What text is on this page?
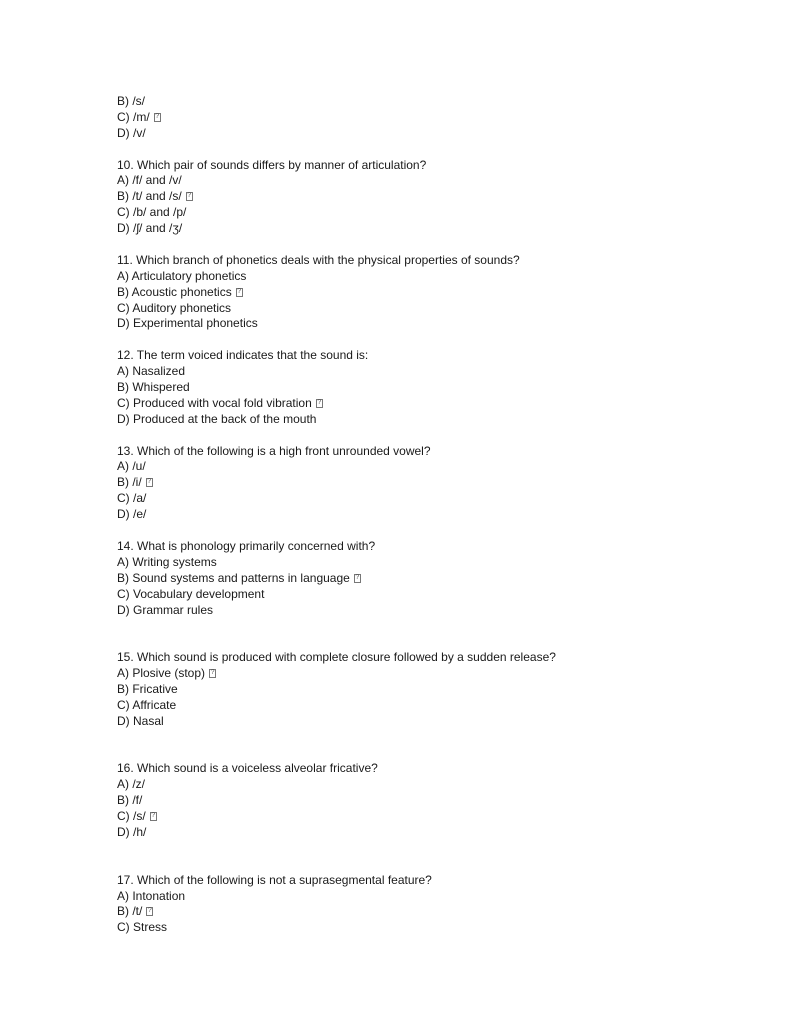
B) /s/
C) /m/ ?
D) /v/
10. Which pair of sounds differs by manner of articulation?
A) /f/ and /v/
B) /t/ and /s/ ?
C) /b/ and /p/
D) /ʃ/ and /ʒ/
11. Which branch of phonetics deals with the physical properties of sounds?
A) Articulatory phonetics
B) Acoustic phonetics ?
C) Auditory phonetics
D) Experimental phonetics
12. The term voiced indicates that the sound is:
A) Nasalized
B) Whispered
C) Produced with vocal fold vibration ?
D) Produced at the back of the mouth
13. Which of the following is a high front unrounded vowel?
A) /u/
B) /i/ ?
C) /a/
D) /e/
14. What is phonology primarily concerned with?
A) Writing systems
B) Sound systems and patterns in language ?
C) Vocabulary development
D) Grammar rules
15. Which sound is produced with complete closure followed by a sudden release?
A) Plosive (stop) ?
B) Fricative
C) Affricate
D) Nasal
16. Which sound is a voiceless alveolar fricative?
A) /z/
B) /f/
C) /s/ ?
D) /h/
17. Which of the following is not a suprasegmental feature?
A) Intonation
B) /t/ ?
C) Stress
